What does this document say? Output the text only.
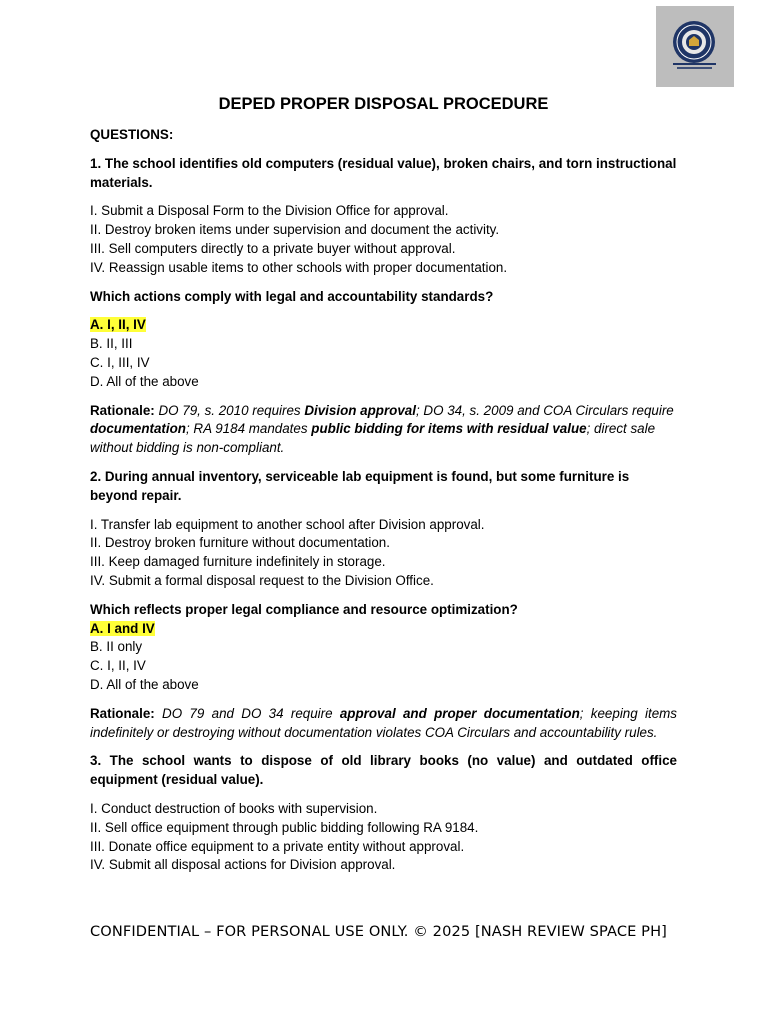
DEPED PROPER DISPOSAL PROCEDURE

QUESTIONS:

1. The school identifies old computers (residual value), broken chairs, and torn instructional materials.

I. Submit a Disposal Form to the Division Office for approval.

II. Destroy broken items under supervision and document the activity.

III. Sell computers directly to a private buyer without approval.

IV. Reassign usable items to other schools with proper documentation.

Which actions comply with legal and accountability standards?

A. I, II, IV

B. II, III

C. I, III, IV

D. All of the above

Rationale: DO 79, s. 2010 requires Division approval; DO 34, s. 2009 and COA Circulars require documentation; RA 9184 mandates public bidding for items with residual value; direct sale without bidding is non-compliant.

2. During annual inventory, serviceable lab equipment is found, but some furniture is beyond repair.

I. Transfer lab equipment to another school after Division approval.

II. Destroy broken furniture without documentation.

III. Keep damaged furniture indefinitely in storage.

IV. Submit a formal disposal request to the Division Office.

Which reflects proper legal compliance and resource optimization?

A. I and IV

B. II only

C. I, II, IV

D. All of the above

Rationale: DO 79 and DO 34 require approval and proper documentation; keeping items indefinitely or destroying without documentation violates COA Circulars and accountability rules.

3. The school wants to dispose of old library books (no value) and outdated office equipment (residual value).

I. Conduct destruction of books with supervision.

II. Sell office equipment through public bidding following RA 9184.

III. Donate office equipment to a private entity without approval.

IV. Submit all disposal actions for Division approval.

CONFIDENTIAL – FOR PERSONAL USE ONLY. © 2025 [NASH REVIEW SPACE PH]
